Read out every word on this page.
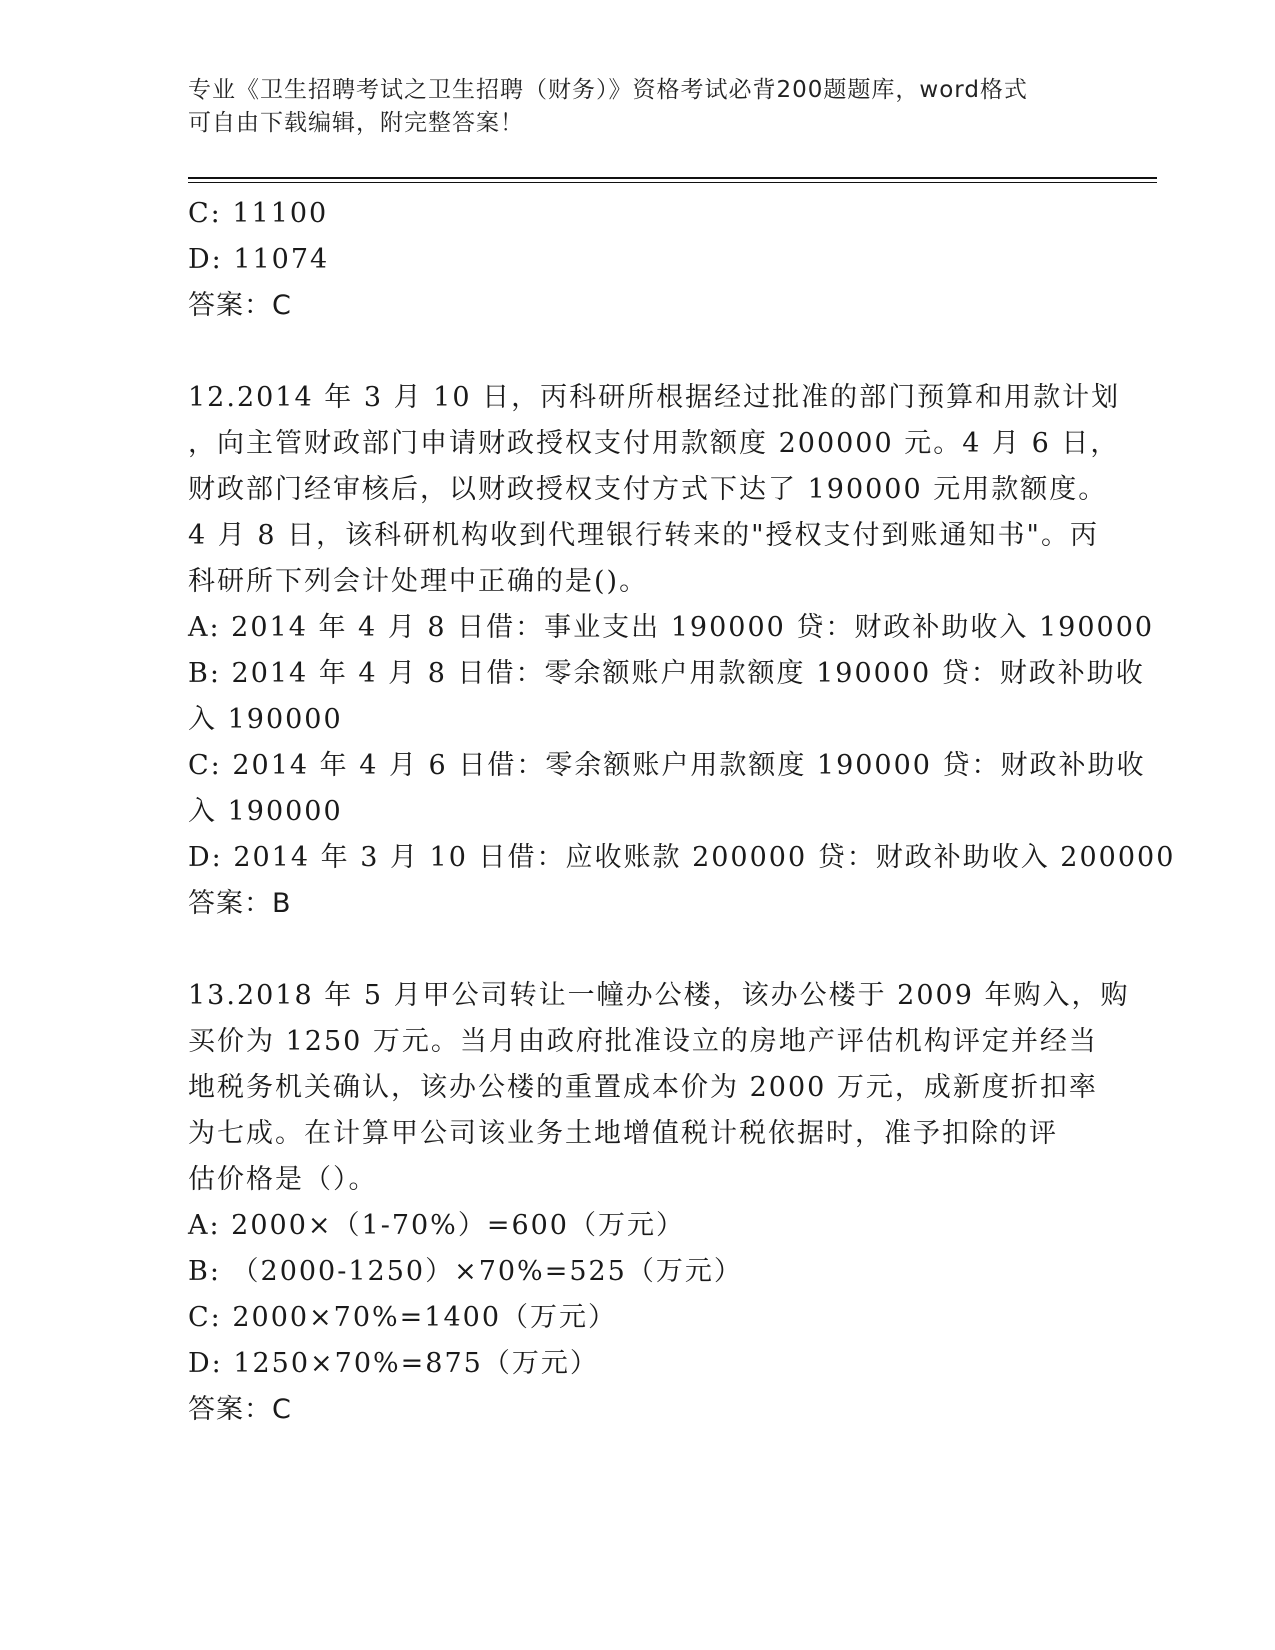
专业《卫生招聘考试之卫生招聘（财务）》资格考试必背200题题库，word格式
可自由下载编辑，附完整答案！
C: 11100
D: 11074
答案：C
12.2014 年 3 月 10 日，丙科研所根据经过批准的部门预算和用款计划
，向主管财政部门申请财政授权支付用款额度 200000 元。4 月 6 日，
财政部门经审核后，以财政授权支付方式下达了 190000 元用款额度。
4 月 8 日，该科研机构收到代理银行转来的"授权支付到账通知书"。丙
科研所下列会计处理中正确的是()。
A: 2014 年 4 月 8 日借：事业支出 190000 贷：财政补助收入 190000
B: 2014 年 4 月 8 日借：零余额账户用款额度 190000 贷：财政补助收
入 190000
C: 2014 年 4 月 6 日借：零余额账户用款额度 190000 贷：财政补助收
入 190000
D: 2014 年 3 月 10 日借：应收账款 200000 贷：财政补助收入 200000
答案：B
13.2018 年 5 月甲公司转让一幢办公楼，该办公楼于 2009 年购入，购
买价为 1250 万元。当月由政府批准设立的房地产评估机构评定并经当
地税务机关确认，该办公楼的重置成本价为 2000 万元，成新度折扣率
为七成。在计算甲公司该业务土地增值税计税依据时，准予扣除的评
估价格是（）。
A: 2000×（1-70%）=600（万元）
B: （2000-1250）×70%=525（万元）
C: 2000×70%=1400（万元）
D: 1250×70%=875（万元）
答案：C
